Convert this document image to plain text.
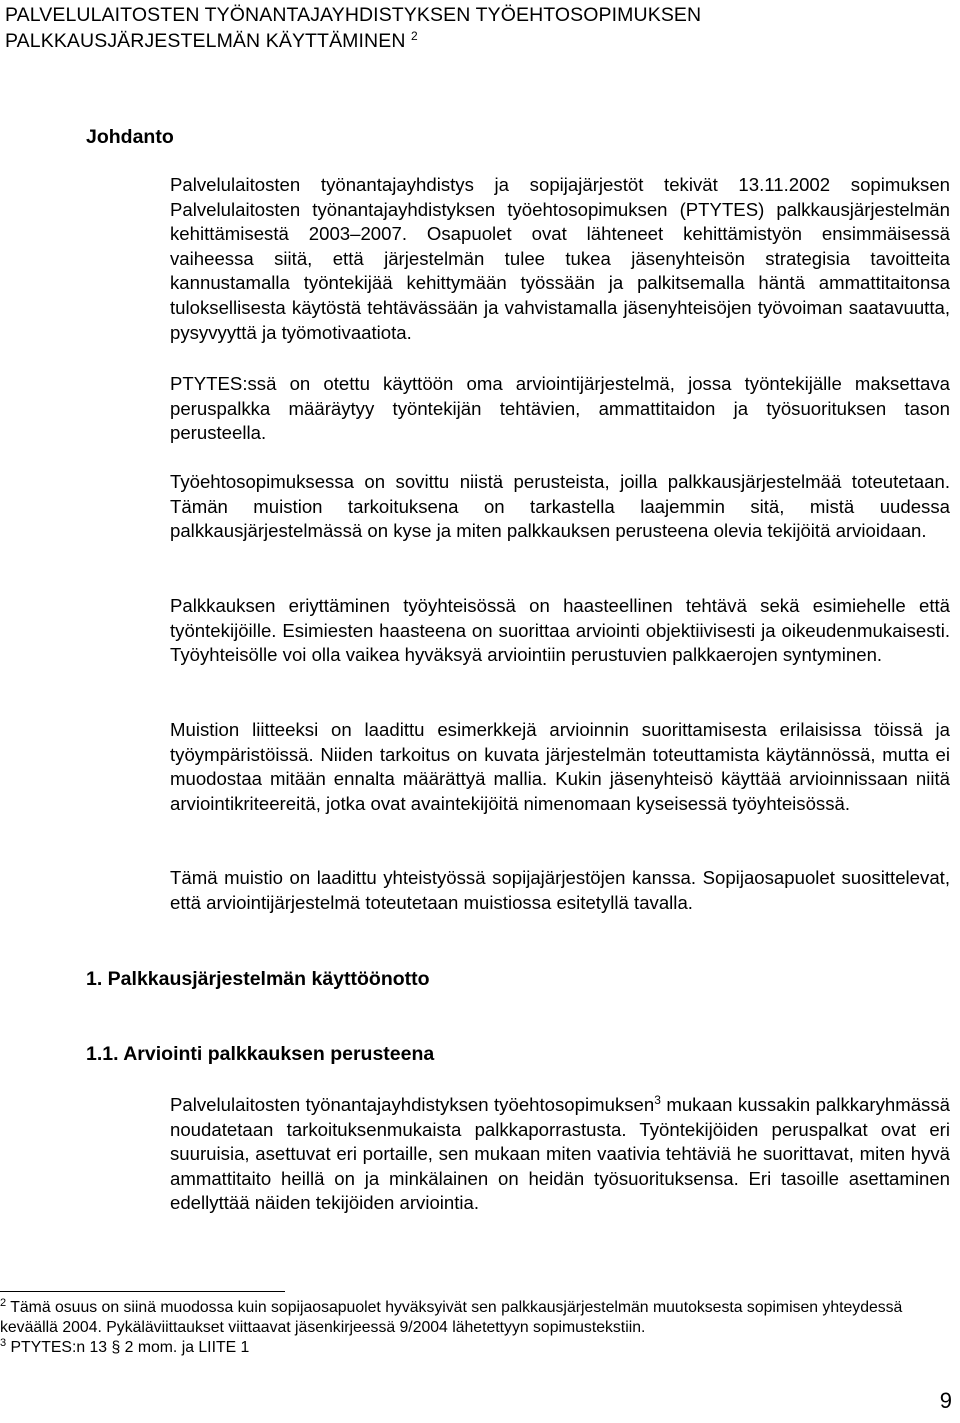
PALVELULAITOSTEN TYÖNANTAJAYHDISTYKSEN TYÖEHTOSOPIMUKSEN
PALKKAUSJÄRJESTELMÄN KÄYTTÄMINEN $^2$
Johdanto

Palvelulaitosten työnantajayhdistys ja sopijajärjestöt tekivät 13.11.2002 sopimuksen Palvelulaitosten työnantajayhdistyksen työehtosopimuksen (PTYTES) palkkausjärjestelmän kehittämisestä 2003–2007. Osapuolet ovat lähteneet kehittämistyön ensimmäisessä vaiheessa siitä, että järjestelmän tulee tukea jäsenyhteisön strategisia tavoitteita kannustamalla työntekijää kehittymään työssään ja palkitsemalla häntä ammattitaitonsa tuloksellisesta käytöstä tehtävässään ja vahvistamalla jäsenyhteisöjen työvoiman saatavuutta, pysyvyyttä ja työmotivaatiota.

PTYTES:ssä on otettu käyttöön oma arviointijärjestelmä, jossa työntekijälle maksettava peruspalkka määräytyy työntekijän tehtävien, ammattitaidon ja työsuorituksen tason perusteella.

Työehtosopimuksessa on sovittu niistä perusteista, joilla palkkausjärjestelmää toteutetaan. Tämän muistion tarkoituksena on tarkastella laajemmin sitä, mistä uudessa palkkausjärjestelmässä on kyse ja miten palkkauksen perusteena olevia tekijöitä arvioidaan.

Palkkauksen eriyttäminen työyhteisössä on haasteellinen tehtävä sekä esimiehelle että työntekijöille. Esimiesten haasteena on suorittaa arviointi objektiivisesti ja oikeudenmukaisesti. Työyhteisölle voi olla vaikea hyväksyä arviointiin perustuvien palkkaerojen syntyminen.

Muistion liitteeksi on laadittu esimerkkejä arvioinnin suorittamisesta erilaisissa töissä ja työympäristöissä. Niiden tarkoitus on kuvata järjestelmän toteuttamista käytännössä, mutta ei muodostaa mitään ennalta määrättyä mallia. Kukin jäsenyhteisö käyttää arvioinnissaan niitä arviointikriteereitä, jotka ovat avaintekijöitä nimenomaan kyseisessä työyhteisössä.

Tämä muistio on laadittu yhteistyössä sopijajärjestöjen kanssa. Sopijaosapuolet suosittelevat, että arviointijärjestelmä toteutetaan muistiossa esitetyllä tavalla.

1. Palkkausjärjestelmän käyttöönotto
1.1. Arviointi palkkauksen perusteena

Palvelulaitosten työnantajayhdistyksen työehtosopimuksen$^3$ mukaan kussakin palkkaryhmässä noudatetaan tarkoituksenmukaista palkkaporrastusta. Työntekijöiden peruspalkat ovat eri suuruisia, asettuvat eri portaille, sen mukaan miten vaativia tehtäviä he suorittavat, miten hyvä ammattitaito heillä on ja minkälainen on heidän työsuorituksensa. Eri tasoille asettaminen edellyttää näiden tekijöiden arviointia.

$^2$ Tämä osuus on siinä muodossa kuin sopijaosapuolet hyväksyivät sen palkkausjärjestelmän muutoksesta sopimisen yhteydessä keväällä 2004. Pykäläviittaukset viittaavat jäsenkirjeessä 9/2004 lähetettyyn sopimustekstiin.

$^3$ PTYTES:n 13 § 2 mom. ja LIITE 1

9
